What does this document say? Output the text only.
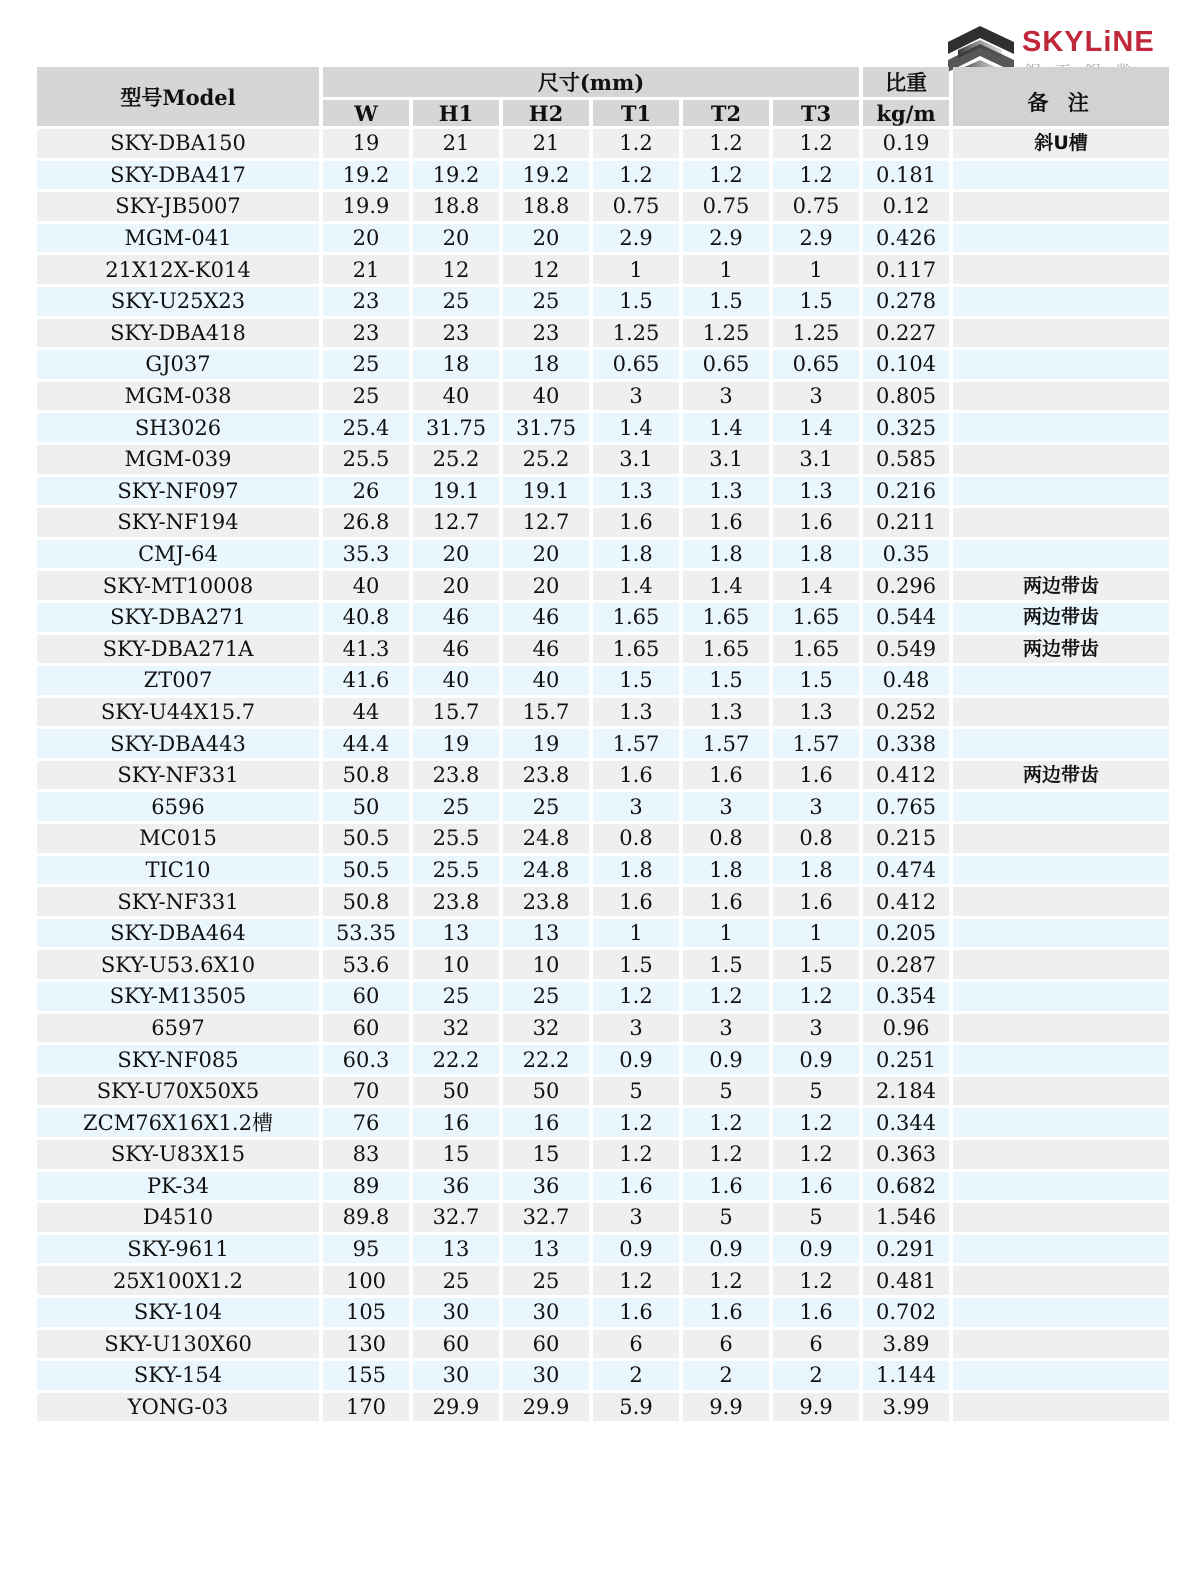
SKYLiNE
型号Model	尺寸(mm)						比重	备 注
	W	H1	H2	T1	T2	T3	kg/m	
SKY-DBA150	19	21	21	1.2	1.2	1.2	0.19	斜U槽
SKY-DBA417	19.2	19.2	19.2	1.2	1.2	1.2	0.181	
SKY-JB5007	19.9	18.8	18.8	0.75	0.75	0.75	0.12	
MGM-041	20	20	20	2.9	2.9	2.9	0.426	
21X12X-K014	21	12	12	1	1	1	0.117	
SKY-U25X23	23	25	25	1.5	1.5	1.5	0.278	
SKY-DBA418	23	23	23	1.25	1.25	1.25	0.227	
GJ037	25	18	18	0.65	0.65	0.65	0.104	
MGM-038	25	40	40	3	3	3	0.805	
SH3026	25.4	31.75	31.75	1.4	1.4	1.4	0.325	
MGM-039	25.5	25.2	25.2	3.1	3.1	3.1	0.585	
SKY-NF097	26	19.1	19.1	1.3	1.3	1.3	0.216	
SKY-NF194	26.8	12.7	12.7	1.6	1.6	1.6	0.211	
CMJ-64	35.3	20	20	1.8	1.8	1.8	0.35	
SKY-MT10008	40	20	20	1.4	1.4	1.4	0.296	两边带齿
SKY-DBA271	40.8	46	46	1.65	1.65	1.65	0.544	两边带齿
SKY-DBA271A	41.3	46	46	1.65	1.65	1.65	0.549	两边带齿
ZT007	41.6	40	40	1.5	1.5	1.5	0.48	
SKY-U44X15.7	44	15.7	15.7	1.3	1.3	1.3	0.252	
SKY-DBA443	44.4	19	19	1.57	1.57	1.57	0.338	
SKY-NF331	50.8	23.8	23.8	1.6	1.6	1.6	0.412	两边带齿
6596	50	25	25	3	3	3	0.765	
MC015	50.5	25.5	24.8	0.8	0.8	0.8	0.215	
TIC10	50.5	25.5	24.8	1.8	1.8	1.8	0.474	
SKY-NF331	50.8	23.8	23.8	1.6	1.6	1.6	0.412	
SKY-DBA464	53.35	13	13	1	1	1	0.205	
SKY-U53.6X10	53.6	10	10	1.5	1.5	1.5	0.287	
SKY-M13505	60	25	25	1.2	1.2	1.2	0.354	
6597	60	32	32	3	3	3	0.96	
SKY-NF085	60.3	22.2	22.2	0.9	0.9	0.9	0.251	
SKY-U70X50X5	70	50	50	5	5	5	2.184	
ZCM76X16X1.2槽	76	16	16	1.2	1.2	1.2	0.344	
SKY-U83X15	83	15	15	1.2	1.2	1.2	0.363	
PK-34	89	36	36	1.6	1.6	1.6	0.682	
D4510	89.8	32.7	32.7	3	5	5	1.546	
SKY-9611	95	13	13	0.9	0.9	0.9	0.291	
25X100X1.2	100	25	25	1.2	1.2	1.2	0.481	
SKY-104	105	30	30	1.6	1.6	1.6	0.702	
SKY-U130X60	130	60	60	6	6	6	3.89	
SKY-154	155	30	30	2	2	2	1.144	
YONG-03	170	29.9	29.9	5.9	9.9	9.9	3.99	
